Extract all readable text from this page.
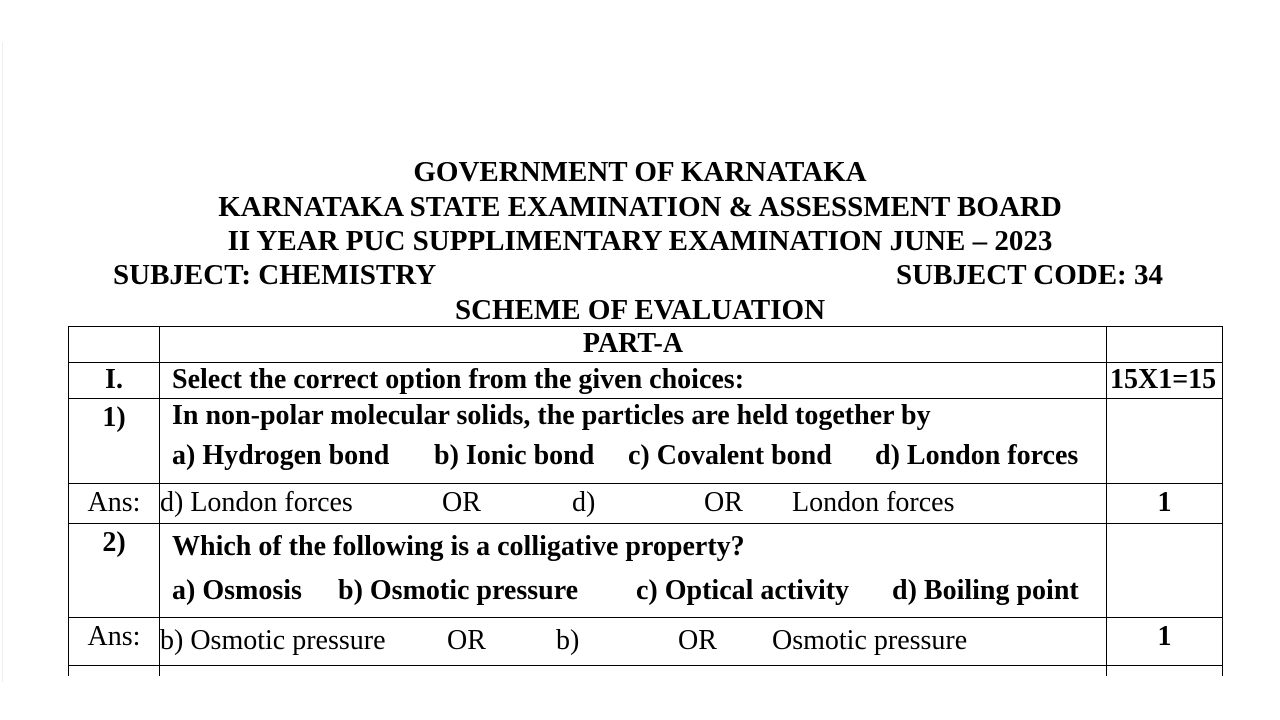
GOVERNMENT OF KARNATAKA
KARNATAKA STATE EXAMINATION & ASSESSMENT BOARD
II YEAR PUC SUPPLIMENTARY EXAMINATION JUNE – 2023
SUBJECT: CHEMISTRY	SUBJECT CODE: 34
SCHEME OF EVALUATION
	PART-A	
I.	Select the correct option from the given choices:	15X1=15
1)	In non-polar molecular solids, the particles are held together by
a) Hydrogen bond b) Ionic bond c) Covalent bond d) London forces	

Ans:	d) London forces OR d) OR London forces	1
2)	Which of the following is a colligative property?
a) Osmosis b) Osmotic pressure c) Optical activity d) Boiling point	

Ans:	b) Osmotic pressure OR b) OR Osmotic pressure	1
